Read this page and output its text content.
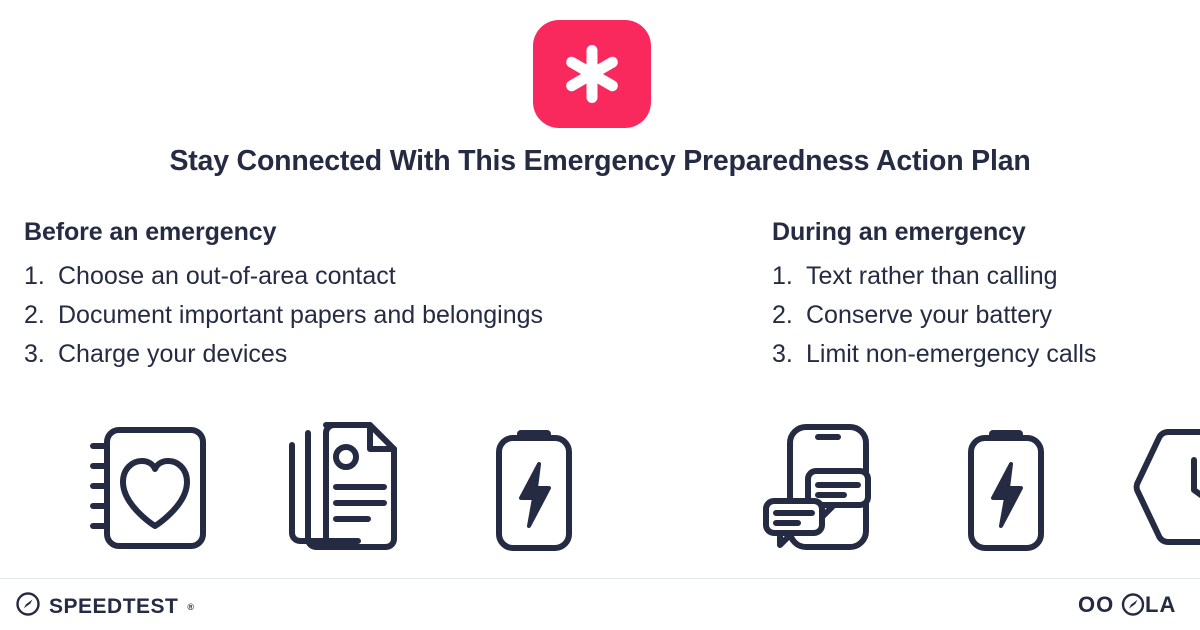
Stay Connected With This Emergency Preparedness Action Plan
Before an emergency
1. Choose an out-of-area contact
2. Document important papers and belongings
3. Charge your devices
During an emergency
1. Text rather than calling
2. Conserve your battery
3. Limit non-emergency calls
SPEEDTEST ®	OO LA
